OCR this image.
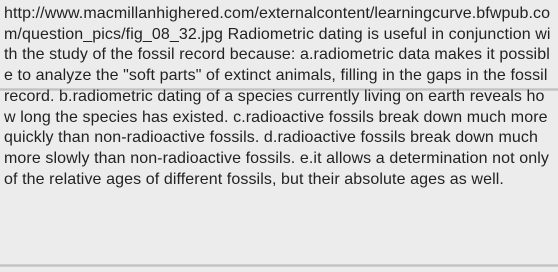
http://www.macmillanhighered.com/externalcontent/learningcurve.bfwpub.com/question_pics/fig_08_32.jpg Radiometric dating is useful in conjunction with the study of the fossil record because: a.radiometric data makes it possible to analyze the "soft parts" of extinct animals, filling in the gaps in the fossil record. b.radiometric dating of a species currently living on earth reveals how long the species has existed. c.radioactive fossils break down much more quickly than non-radioactive fossils. d.radioactive fossils break down much more slowly than non-radioactive fossils. e.it allows a determination not only of the relative ages of different fossils, but their absolute ages as well.
